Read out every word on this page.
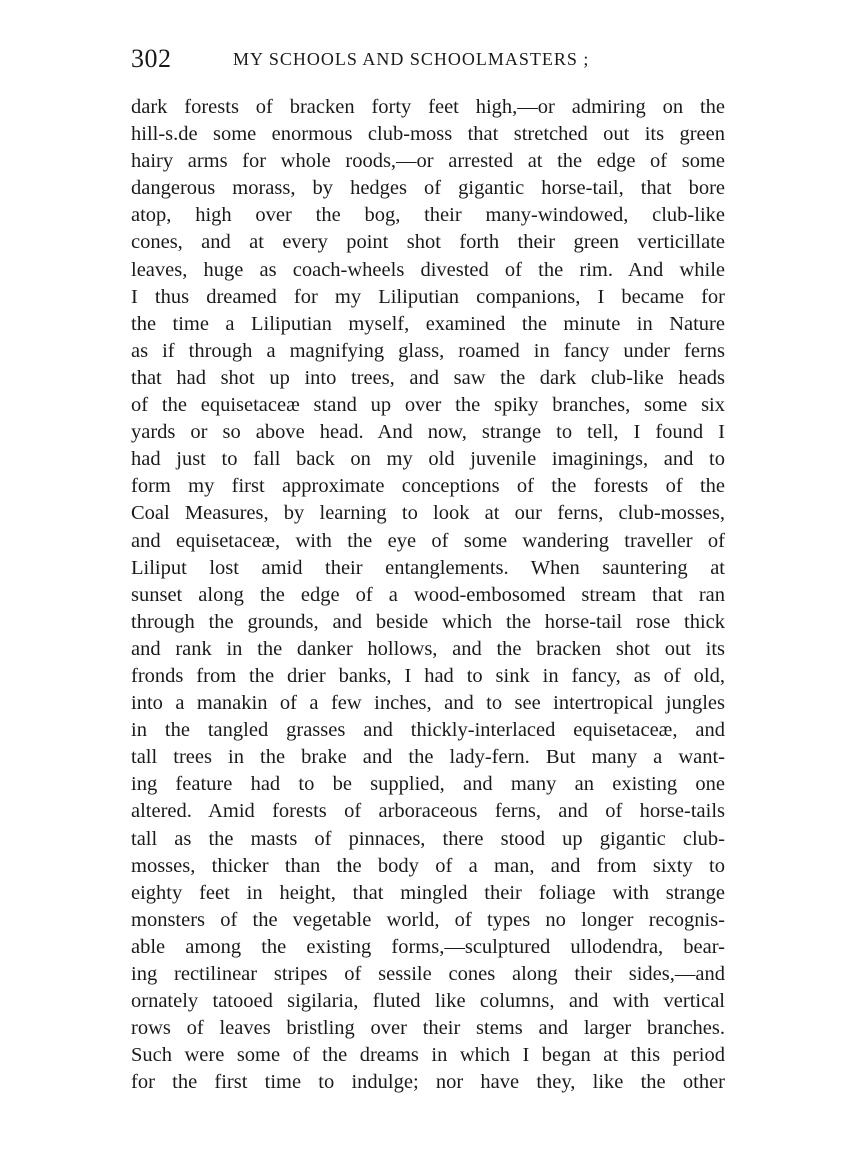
302	MY SCHOOLS AND SCHOOLMASTERS ;
dark forests of bracken forty feet high,—or admiring on the
hill-s.de some enormous club-moss that stretched out its green
hairy arms for whole roods,—or arrested at the edge of some
dangerous morass, by hedges of gigantic horse-tail, that bore
atop, high over the bog, their many-windowed, club-like
cones, and at every point shot forth their green verticillate
leaves, huge as coach-wheels divested of the rim. And while
I thus dreamed for my Liliputian companions, I became for
the time a Liliputian myself, examined the minute in Nature
as if through a magnifying glass, roamed in fancy under ferns
that had shot up into trees, and saw the dark club-like heads
of the equisetaceæ stand up over the spiky branches, some six
yards or so above head. And now, strange to tell, I found I
had just to fall back on my old juvenile imaginings, and to
form my first approximate conceptions of the forests of the
Coal Measures, by learning to look at our ferns, club-mosses,
and equisetaceæ, with the eye of some wandering traveller of
Liliput lost amid their entanglements. When sauntering at
sunset along the edge of a wood-embosomed stream that ran
through the grounds, and beside which the horse-tail rose thick
and rank in the danker hollows, and the bracken shot out its
fronds from the drier banks, I had to sink in fancy, as of old,
into a manakin of a few inches, and to see intertropical jungles
in the tangled grasses and thickly-interlaced equisetaceæ, and
tall trees in the brake and the lady-fern. But many a want-
ing feature had to be supplied, and many an existing one
altered. Amid forests of arboraceous ferns, and of horse-tails
tall as the masts of pinnaces, there stood up gigantic club-
mosses, thicker than the body of a man, and from sixty to
eighty feet in height, that mingled their foliage with strange
monsters of the vegetable world, of types no longer recognis-
able among the existing forms,—sculptured ullodendra, bear-
ing rectilinear stripes of sessile cones along their sides,—and
ornately tatooed sigilaria, fluted like columns, and with vertical
rows of leaves bristling over their stems and larger branches.
Such were some of the dreams in which I began at this period
for the first time to indulge; nor have they, like the other
